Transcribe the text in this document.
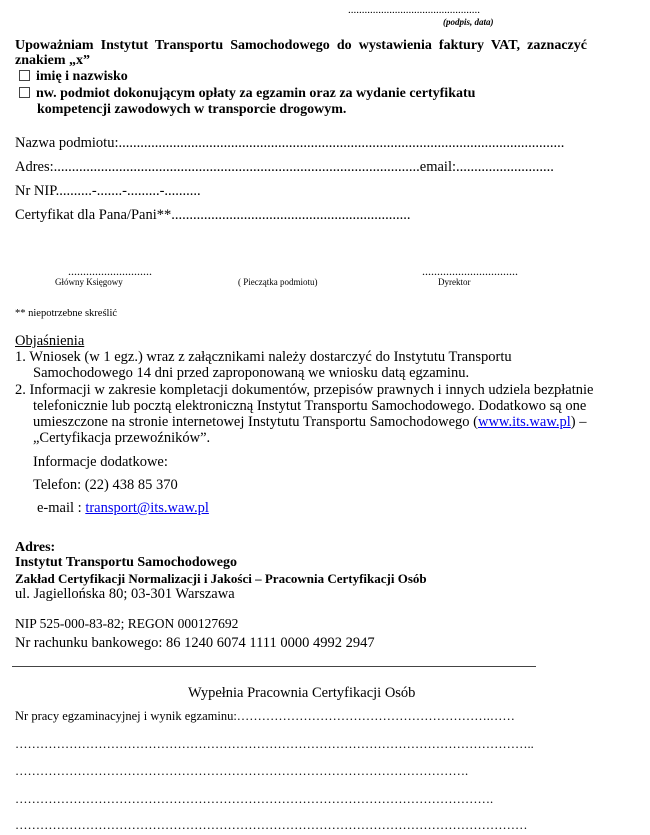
................................................
(podpis, data)
Upoważniam Instytut Transportu Samochodowego do wystawienia faktury VAT, zaznaczyć
znakiem „x”
imię i nazwisko
nw. podmiot dokonującym opłaty za egzamin oraz za wydanie certyfikatu
kompetencji zawodowych w transporcie drogowym.
Nazwa podmiotu:...........................................................................................................................
Adres:.....................................................................................................email:...........................
Nr NIP..........-.......-.........-..........
Certyfikat dla Pana/Pani**..................................................................
............................
Główny Księgowy	( Pieczątka podmiotu)
................................
Dyrektor
** niepotrzebne skreślić
Objaśnienia
1. Wniosek (w 1 egz.) wraz z załącznikami należy dostarczyć do Instytutu Transportu
Samochodowego 14 dni przed zaproponowaną we wniosku datą egzaminu.
2. Informacji w zakresie kompletacji dokumentów, przepisów prawnych i innych udziela bezpłatnie
telefonicznie lub pocztą elektroniczną Instytut Transportu Samochodowego. Dodatkowo są one
umieszczone na stronie internetowej Instytutu Transportu Samochodowego (www.its.waw.pl) –
„Certyfikacja przewoźników”.
Informacje dodatkowe:
Telefon: (22) 438 85 370
e-mail : transport@its.waw.pl
Adres:
Instytut Transportu Samochodowego
Zakład Certyfikacji Normalizacji i Jakości – Pracownia Certyfikacji Osób
ul. Jagiellońska 80; 03-301 Warszawa
NIP 525-000-83-82; REGON 000127692
Nr rachunku bankowego: 86 1240 6074 1111 0000 4992 2947
Wypełnia Pracownia Certyfikacji Osób
Nr pracy egzaminacyjnej i wynik egzaminu:…………………………………………………….……
……………………………………………………………………………………………………………..
……………………………………………………………………………………………….
…………………………………………………………………………………………………….
……………………………………………………………………………………………………………
